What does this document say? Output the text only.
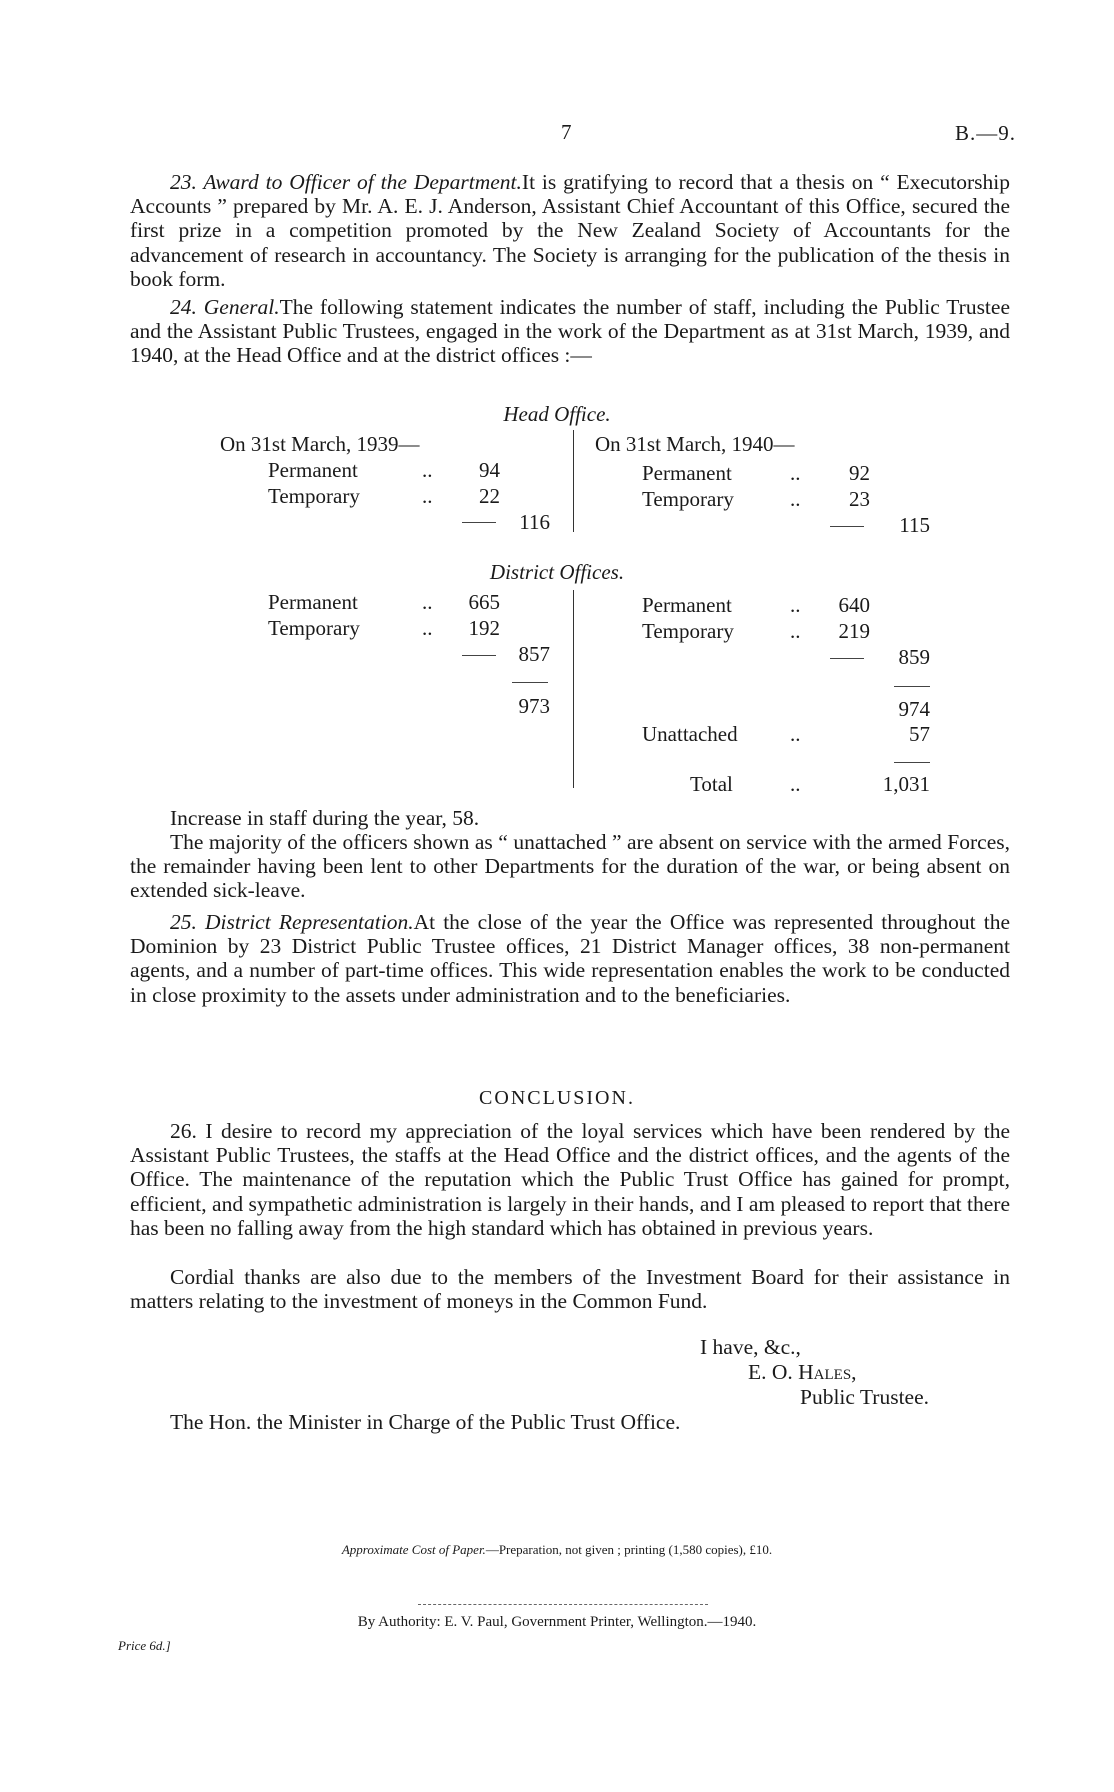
7	B.—9.
23. Award to Officer of the Department.It is gratifying to record that a thesis on “ Executorship Accounts ” prepared by Mr. A. E. J. Anderson, Assistant Chief Accountant of this Office, secured the first prize in a competition promoted by the New Zealand Society of Accountants for the advancement of research in accountancy. The Society is arranging for the publication of the thesis in book form.
24. General.The following statement indicates the number of staff, including the Public Trustee and the Assistant Public Trustees, engaged in the work of the Department as at 31st March, 1939, and 1940, at the Head Office and at the district offices :—
Head Office.
On 31st March, 1939—
Permanent	..	94
Temporary	..	22
116
On 31st March, 1940—
Permanent	..	92
Temporary	..	23
115
District Offices.
Permanent	..	665
Temporary	..	192
857
973
Permanent	..	640
Temporary	..	219
859
974
Unattached ..	57
Total	..	1,031
Increase in staff during the year, 58.
The majority of the officers shown as “ unattached ” are absent on service with the armed Forces, the remainder having been lent to other Departments for the duration of the war, or being absent on extended sick-leave.
25. District Representation.At the close of the year the Office was represented throughout the Dominion by 23 District Public Trustee offices, 21 District Manager offices, 38 non-permanent agents, and a number of part-time offices. This wide representation enables the work to be conducted in close proximity to the assets under administration and to the beneficiaries.
CONCLUSION.
26. I desire to record my appreciation of the loyal services which have been rendered by the Assistant Public Trustees, the staffs at the Head Office and the district offices, and the agents of the Office. The maintenance of the reputation which the Public Trust Office has gained for prompt, efficient, and sympathetic administration is largely in their hands, and I am pleased to report that there has been no falling away from the high standard which has obtained in previous years.
Cordial thanks are also due to the members of the Investment Board for their assistance in matters relating to the investment of moneys in the Common Fund.
I have, &c.,
E. O. Hales,
Public Trustee.
The Hon. the Minister in Charge of the Public Trust Office.
Approximate Cost of Paper.—Preparation, not given ; printing (1,580 copies), £10.
By Authority: E. V. Paul, Government Printer, Wellington.—1940.
Price 6d.]
